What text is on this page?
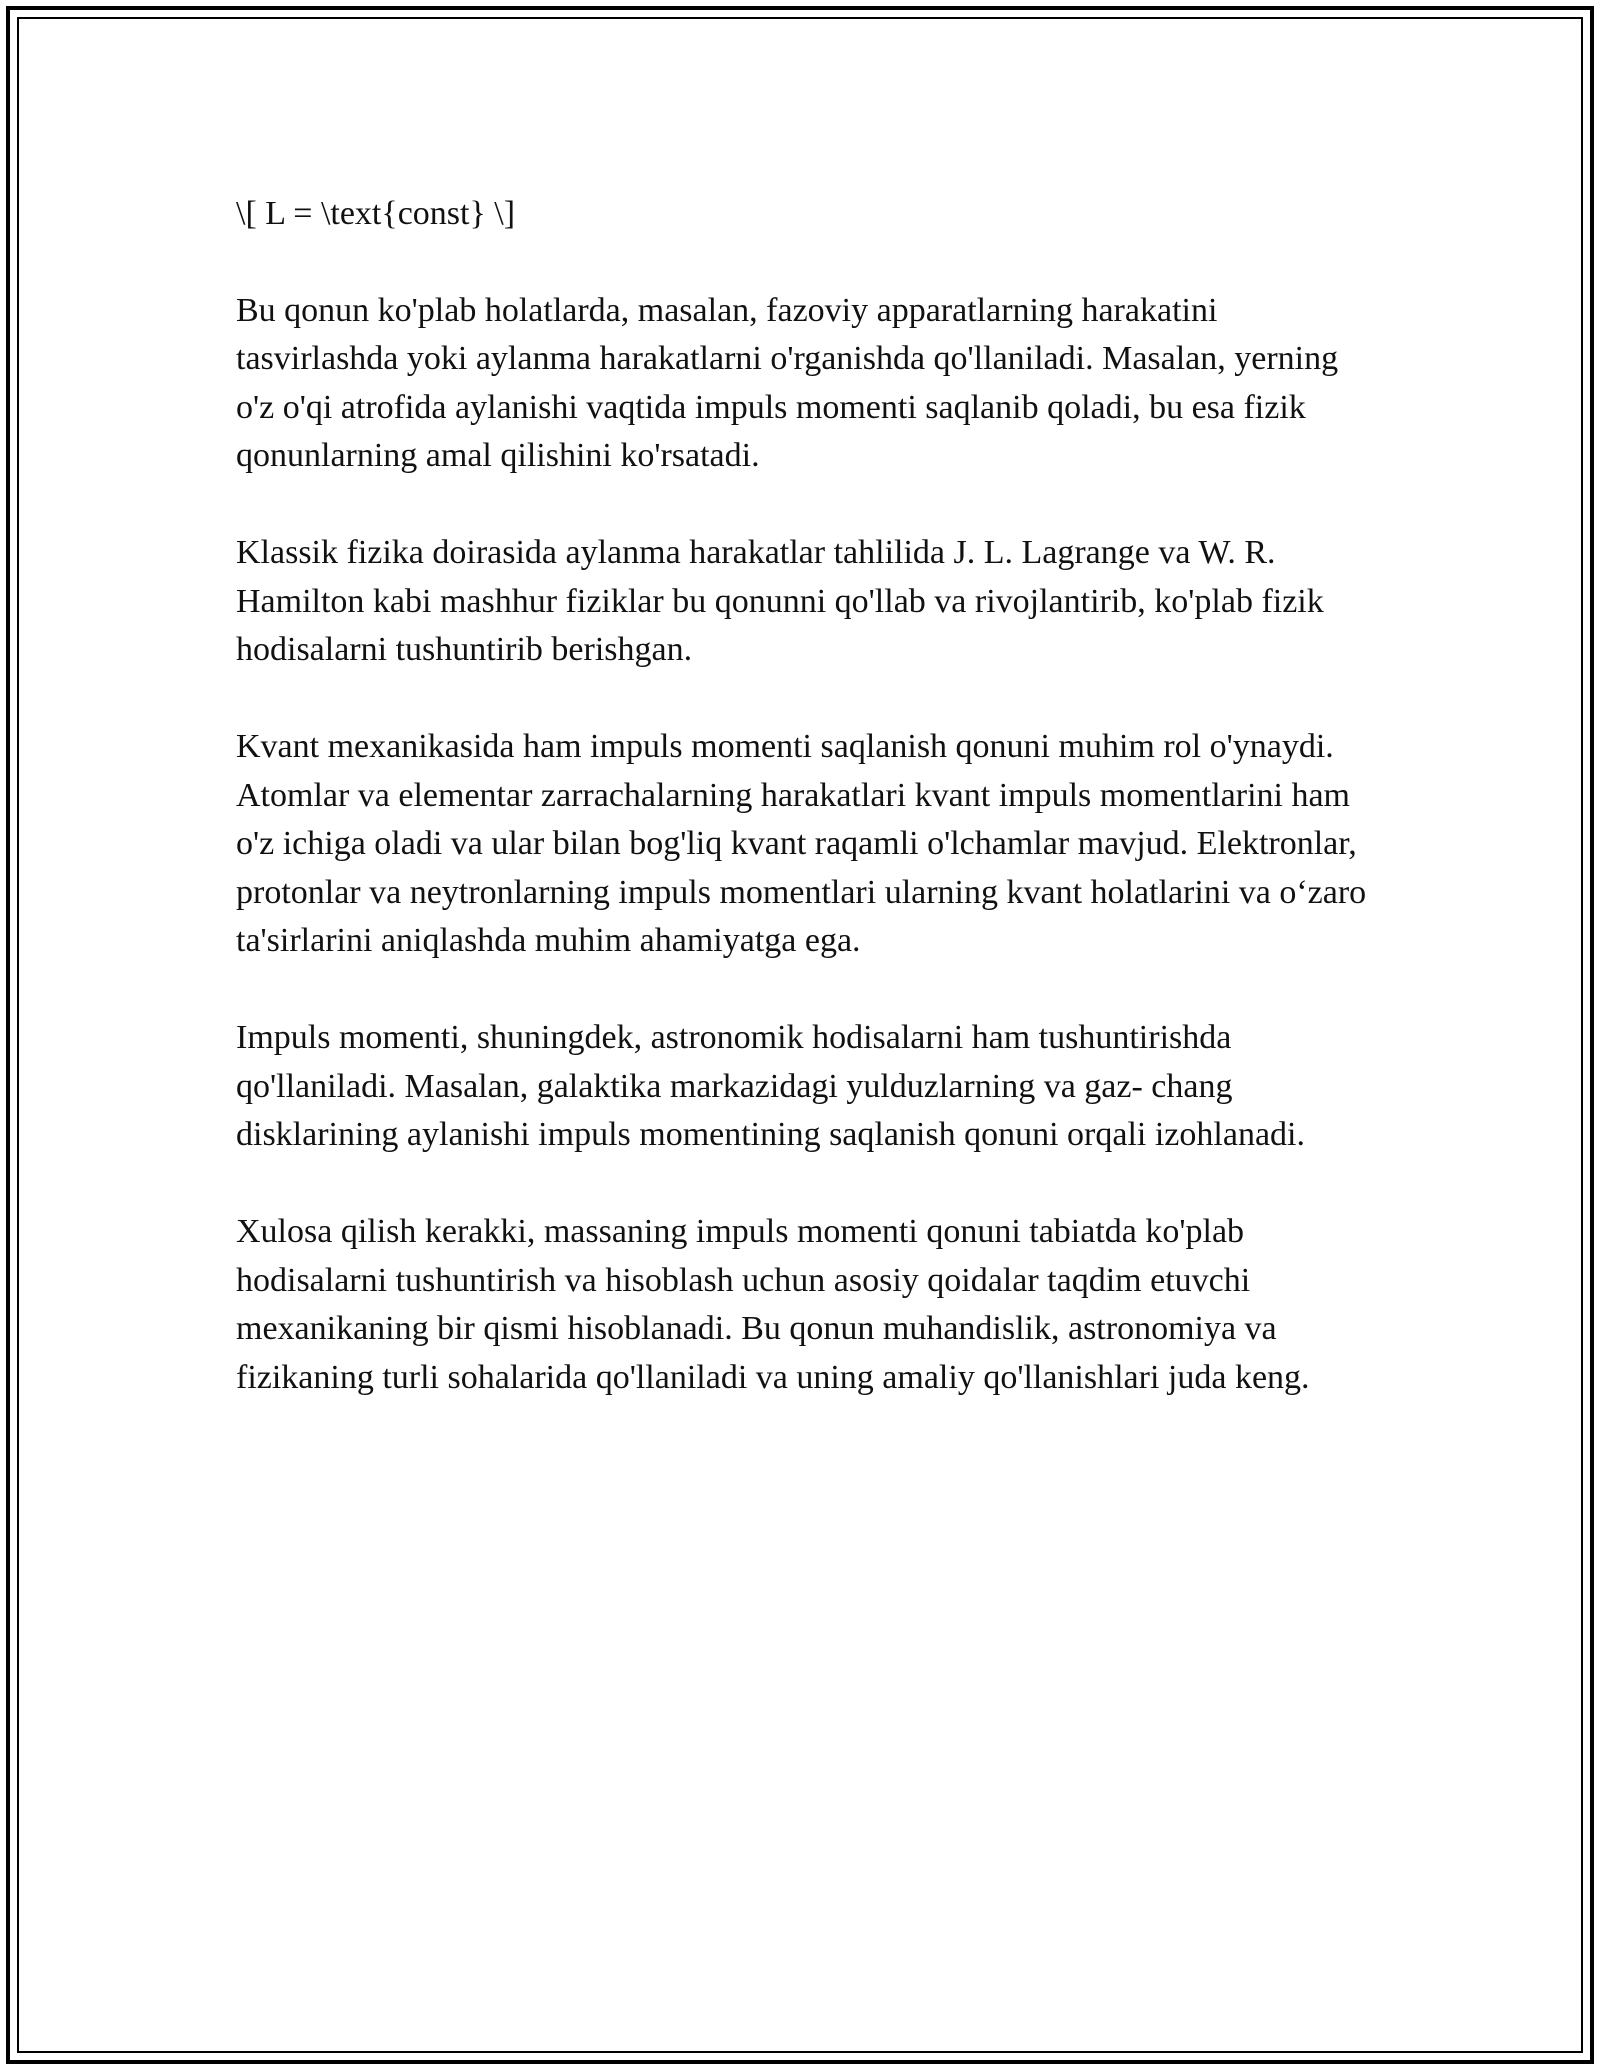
\[ L = \text{const} \]

Bu qonun ko'plab holatlarda, masalan, fazoviy apparatlarning harakatini tasvirlashda yoki aylanma harakatlarni o'rganishda qo'llaniladi. Masalan, yerning o'z o'qi atrofida aylanishi vaqtida impuls momenti saqlanib qoladi, bu esa fizik qonunlarning amal qilishini ko'rsatadi.

Klassik fizika doirasida aylanma harakatlar tahlilida J. L. Lagrange va W. R. Hamilton kabi mashhur fiziklar bu qonunni qo'llab va rivojlantirib, ko'plab fizik hodisalarni tushuntirib berishgan.

Kvant mexanikasida ham impuls momenti saqlanish qonuni muhim rol o'ynaydi. Atomlar va elementar zarrachalarning harakatlari kvant impuls momentlarini ham o'z ichiga oladi va ular bilan bog'liq kvant raqamli o'lchamlar mavjud. Elektronlar, protonlar va neytronlarning impuls momentlari ularning kvant holatlarini va o‘zaro ta'sirlarini aniqlashda muhim ahamiyatga ega.

Impuls momenti, shuningdek, astronomik hodisalarni ham tushuntirishda qo'llaniladi. Masalan, galaktika markazidagi yulduzlarning va gaz- chang disklarining aylanishi impuls momentining saqlanish qonuni orqali izohlanadi.

Xulosa qilish kerakki, massaning impuls momenti qonuni tabiatda ko'plab hodisalarni tushuntirish va hisoblash uchun asosiy qoidalar taqdim etuvchi mexanikaning bir qismi hisoblanadi. Bu qonun muhandislik, astronomiya va fizikaning turli sohalarida qo'llaniladi va uning amaliy qo'llanishlari juda keng.
